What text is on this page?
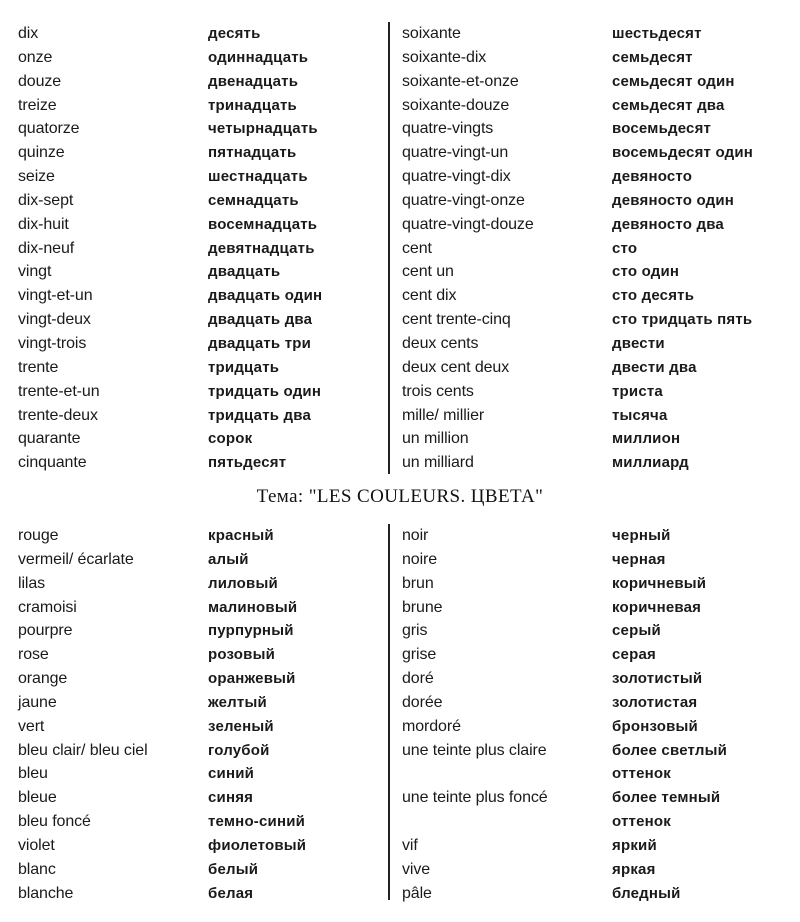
dix
onze
douze
treize
quatorze
quinze
seize
dix-sept
dix-huit
dix-neuf
vingt
vingt-et-un
vingt-deux
vingt-trois
trente
trente-et-un
trente-deux
quarante
cinquante
десять
одиннадцать
двенадцать
тринадцать
четырнадцать
пятнадцать
шестнадцать
семнадцать
восемнадцать
девятнадцать
двадцать
двадцать один
двадцать два
двадцать три
тридцать
тридцать один
тридцать два
сорок
пятьдесят
soixante
soixante-dix
soixante-et-onze
soixante-douze
quatre-vingts
quatre-vingt-un
quatre-vingt-dix
quatre-vingt-onze
quatre-vingt-douze
cent
cent un
cent dix
cent trente-cinq
deux cents
deux cent deux
trois cents
mille/ millier
un million
un milliard
шестьдесят
семьдесят
семьдесят один
семьдесят два
восемьдесят
восемьдесят один
девяносто
девяносто один
девяносто два
сто
сто один
сто десять
сто тридцать пять
двести
двести два
триста
тысяча
миллион
миллиард
Тема: "LES COULEURS. ЦВЕТА"
rouge
vermeil/ écarlate
lilas
cramoisi
pourpre
rose
orange
jaune
vert
bleu clair/ bleu ciel
bleu
bleue
bleu foncé
violet
blanc
blanche
красный
алый
лиловый
малиновый
пурпурный
розовый
оранжевый
желтый
зеленый
голубой
синий
синяя
темно-синий
фиолетовый
белый
белая
noir
noire
brun
brune
gris
grise
doré
dorée
mordoré
une teinte plus claire
une teinte plus foncé
vif
vive
pâle
черный
черная
коричневый
коричневая
серый
серая
золотистый
золотистая
бронзовый
более светлый
оттенок
более темный
оттенок
яркий
яркая
бледный
